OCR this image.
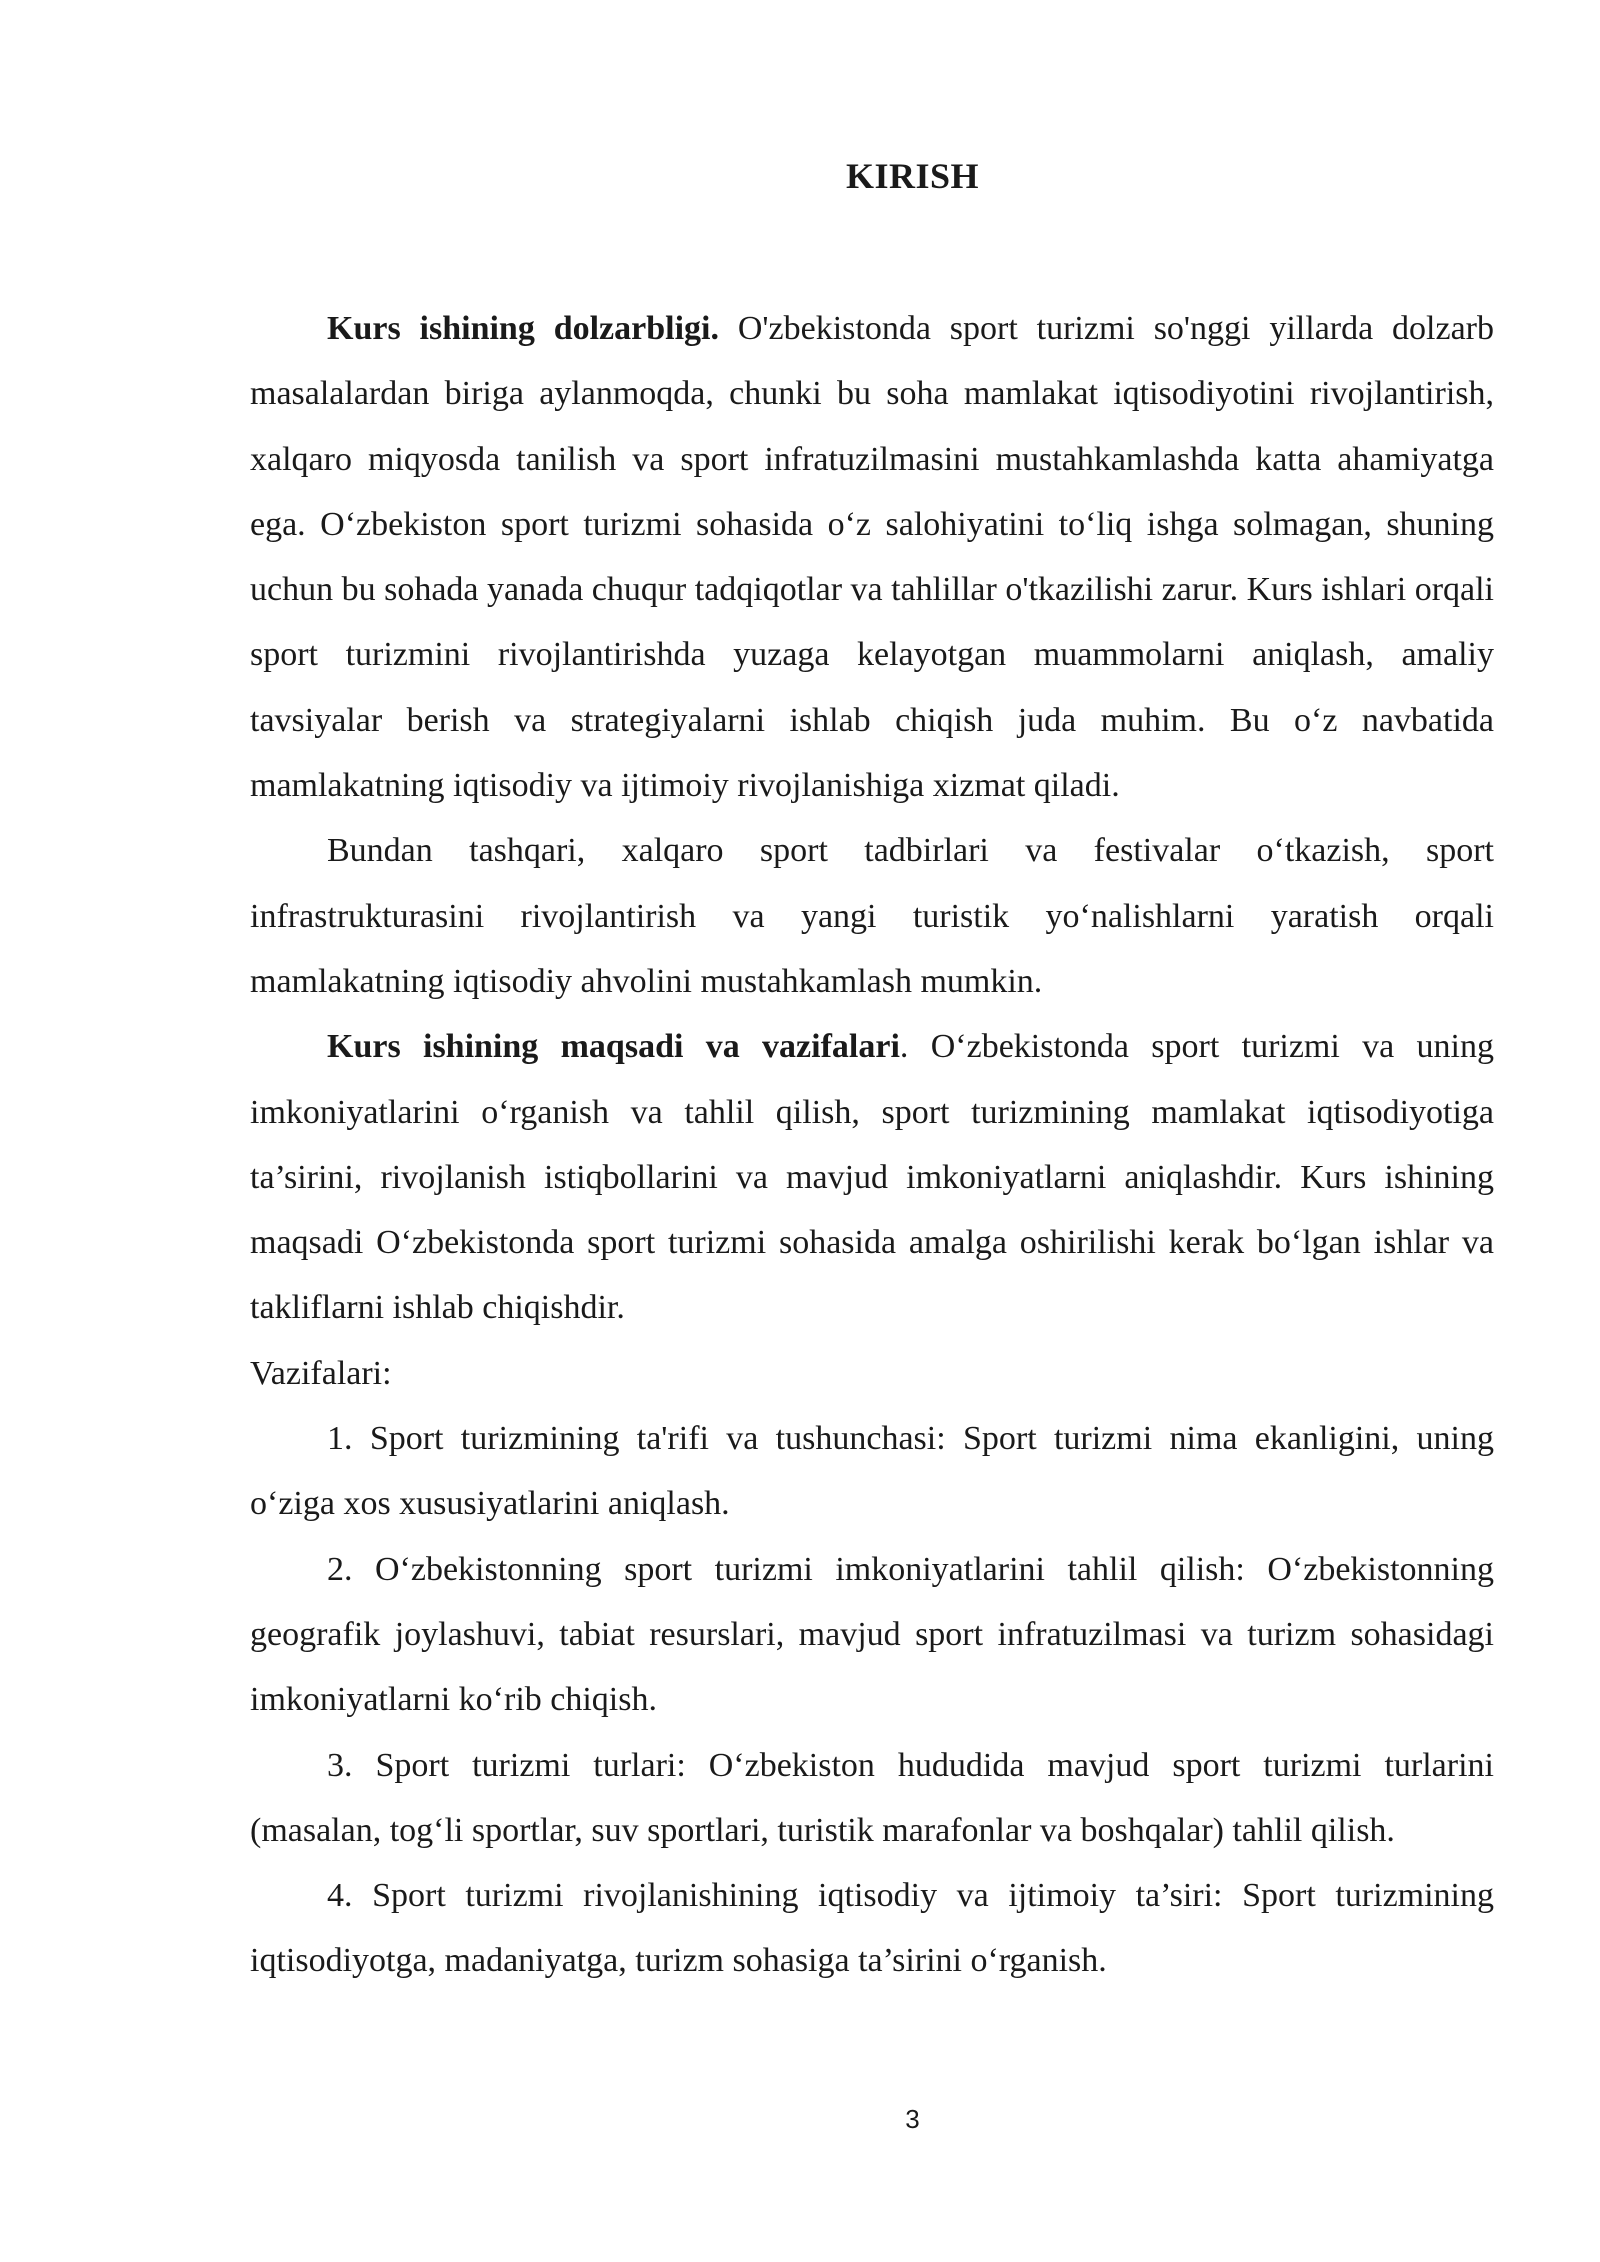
KIRISH

Kurs ishining dolzarbligi. O'zbekistonda sport turizmi so'nggi yillarda dolzarb masalalardan biriga aylanmoqda, chunki bu soha mamlakat iqtisodiyotini rivojlantirish, xalqaro miqyosda tanilish va sport infratuzilmasini mustahkamlashda katta ahamiyatga ega. O‘zbekiston sport turizmi sohasida o‘z salohiyatini to‘liq ishga solmagan, shuning uchun bu sohada yanada chuqur tadqiqotlar va tahlillar o'tkazilishi zarur. Kurs ishlari orqali sport turizmini rivojlantirishda yuzaga kelayotgan muammolarni aniqlash, amaliy tavsiyalar berish va strategiyalarni ishlab chiqish juda muhim. Bu o‘z navbatida mamlakatning iqtisodiy va ijtimoiy rivojlanishiga xizmat qiladi.

Bundan tashqari, xalqaro sport tadbirlari va festivalar o‘tkazish, sport infrastrukturasini rivojlantirish va yangi turistik yo‘nalishlarni yaratish orqali mamlakatning iqtisodiy ahvolini mustahkamlash mumkin.

Kurs ishining maqsadi va vazifalari. O‘zbekistonda sport turizmi va uning imkoniyatlarini o‘rganish va tahlil qilish, sport turizmining mamlakat iqtisodiyotiga ta’sirini, rivojlanish istiqbollarini va mavjud imkoniyatlarni aniqlashdir. Kurs ishining maqsadi O‘zbekistonda sport turizmi sohasida amalga oshirilishi kerak bo‘lgan ishlar va takliflarni ishlab chiqishdir.

Vazifalari:

1. Sport turizmining ta'rifi va tushunchasi: Sport turizmi nima ekanligini, uning o‘ziga xos xususiyatlarini aniqlash.

2. O‘zbekistonning sport turizmi imkoniyatlarini tahlil qilish: O‘zbekistonning geografik joylashuvi, tabiat resurslari, mavjud sport infratuzilmasi va turizm sohasidagi imkoniyatlarni ko‘rib chiqish.

3. Sport turizmi turlari: O‘zbekiston hududida mavjud sport turizmi turlarini (masalan, tog‘li sportlar, suv sportlari, turistik marafonlar va boshqalar) tahlil qilish.

4. Sport turizmi rivojlanishining iqtisodiy va ijtimoiy ta’siri: Sport turizmining iqtisodiyotga, madaniyatga, turizm sohasiga ta’sirini o‘rganish.

3
